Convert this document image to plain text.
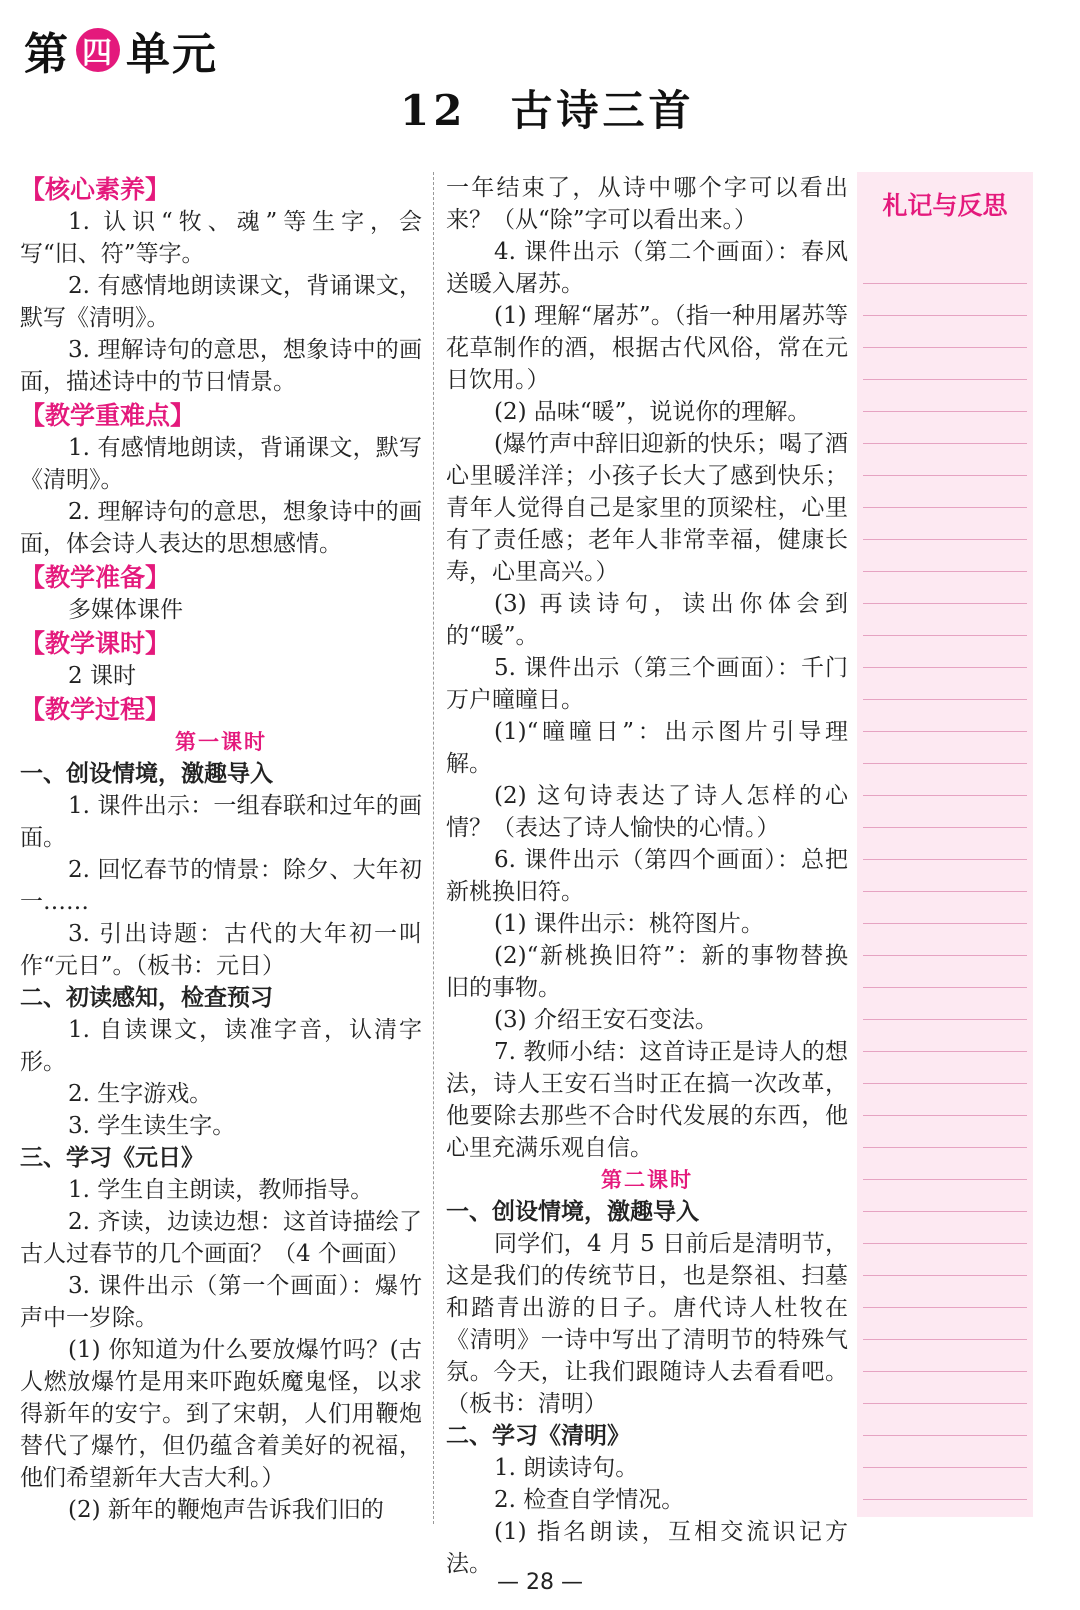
第 四 单元
12 古诗三首

【核心素养】

1. 认识“牧、魂”等生字，会写“旧、符”等字。

2. 有感情地朗读课文，背诵课文，默写《清明》。

3. 理解诗句的意思，想象诗中的画面，描述诗中的节日情景。

【教学重难点】

1. 有感情地朗读，背诵课文，默写《清明》。

2. 理解诗句的意思，想象诗中的画面，体会诗人表达的思想感情。

【教学准备】

多媒体课件

【教学课时】

2 课时

【教学过程】

第一课时

一、创设情境，激趣导入

1. 课件出示：一组春联和过年的画面。

2. 回忆春节的情景：除夕、大年初一……

3. 引出诗题：古代的大年初一叫作“元日”。（板书：元日）

二、初读感知，检查预习

1. 自读课文，读准字音，认清字形。

2. 生字游戏。

3. 学生读生字。

三、学习《元日》

1. 学生自主朗读，教师指导。

2. 齐读，边读边想：这首诗描绘了古人过春节的几个画面？（4 个画面）

3. 课件出示（第一个画面）：爆竹声中一岁除。

(1) 你知道为什么要放爆竹吗？(古人燃放爆竹是用来吓跑妖魔鬼怪，以求得新年的安宁。到了宋朝，人们用鞭炮替代了爆竹，但仍蕴含着美好的祝福，他们希望新年大吉大利。）

(2) 新年的鞭炮声告诉我们旧的

一年结束了，从诗中哪个字可以看出来？（从“除”字可以看出来。）

4. 课件出示（第二个画面）：春风送暖入屠苏。

(1) 理解“屠苏”。（指一种用屠苏等花草制作的酒，根据古代风俗，常在元日饮用。）

(2) 品味“暖”，说说你的理解。

(爆竹声中辞旧迎新的快乐；喝了酒心里暖洋洋；小孩子长大了感到快乐；青年人觉得自己是家里的顶梁柱，心里有了责任感；老年人非常幸福，健康长寿，心里高兴。）

(3) 再读诗句，读出你体会到的“暖”。

5. 课件出示（第三个画面）：千门万户曈曈日。

(1)“曈曈日”：出示图片引导理解。

(2) 这句诗表达了诗人怎样的心情？（表达了诗人愉快的心情。）

6. 课件出示（第四个画面）：总把新桃换旧符。

(1) 课件出示：桃符图片。

(2)“新桃换旧符”：新的事物替换旧的事物。

(3) 介绍王安石变法。

7. 教师小结：这首诗正是诗人的想法，诗人王安石当时正在搞一次改革，他要除去那些不合时代发展的东西，他心里充满乐观自信。

第二课时

一、创设情境，激趣导入

同学们，4 月 5 日前后是清明节，这是我们的传统节日，也是祭祖、扫墓和踏青出游的日子。唐代诗人杜牧在《清明》一诗中写出了清明节的特殊气氛。今天，让我们跟随诗人去看看吧。（板书：清明）

二、学习《清明》

1. 朗读诗句。

2. 检查自学情况。

(1) 指名朗读，互相交流识记方法。

札记与反思
— 28 —
